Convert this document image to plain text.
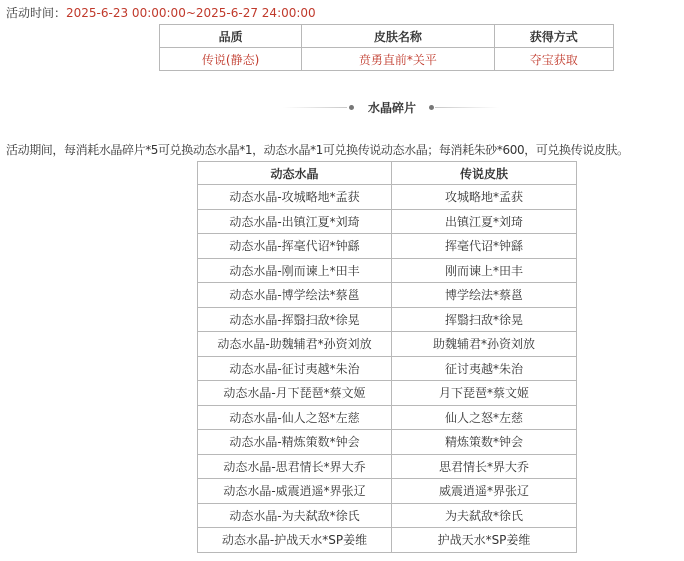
活动时间：2025-6-23 00:00:00~2025-6-27 24:00:00
品质	皮肤名称	获得方式
传说(静态)	贲勇直前*关平	夺宝获取
水晶碎片
活动期间，每消耗水晶碎片*5可兑换动态水晶*1，动态水晶*1可兑换传说动态水晶；每消耗朱砂*600，可兑换传说皮肤。
动态水晶	传说皮肤
动态水晶-攻城略地*孟获	攻城略地*孟获
动态水晶-出镇江夏*刘琦	出镇江夏*刘琦
动态水晶-挥毫代诏*钟繇	挥毫代诏*钟繇
动态水晶-刚而谏上*田丰	刚而谏上*田丰
动态水晶-博学绘法*蔡邕	博学绘法*蔡邕
动态水晶-挥翳扫敌*徐晃	挥翳扫敌*徐晃
动态水晶-助魏辅君*孙资刘放	助魏辅君*孙资刘放
动态水晶-征讨夷越*朱治	征讨夷越*朱治
动态水晶-月下琵琶*蔡文姬	月下琵琶*蔡文姬
动态水晶-仙人之怒*左慈	仙人之怒*左慈
动态水晶-精炼策数*钟会	精炼策数*钟会
动态水晶-思君情长*界大乔	思君情长*界大乔
动态水晶-威震逍遥*界张辽	威震逍遥*界张辽
动态水晶-为夫弑敌*徐氏	为夫弑敌*徐氏
动态水晶-护战天水*SP姜维	护战天水*SP姜维
